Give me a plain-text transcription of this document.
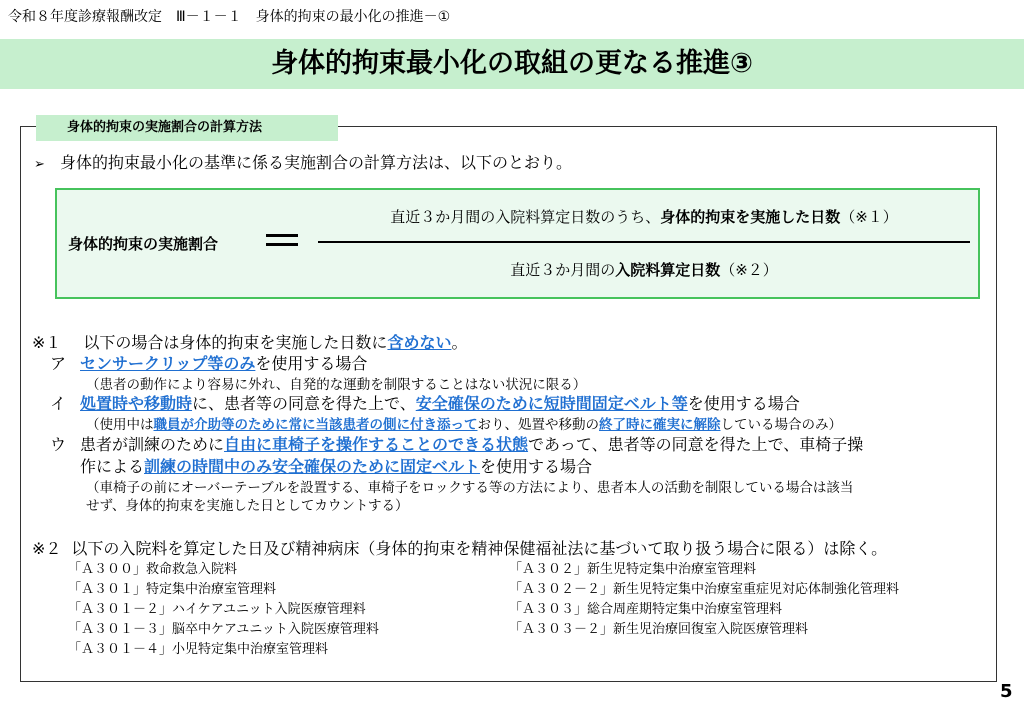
令和８年度診療報酬改定　Ⅲ－１－１　身体的拘束の最小化の推進－①
身体的拘束最小化の取組の更なる推進③
身体的拘束の実施割合の計算方法
➢ 身体的拘束最小化の基準に係る実施割合の計算方法は、以下のとおり。
身体的拘束の実施割合
直近３か月間の入院料算定日数のうち、身体的拘束を実施した日数（※１）
直近３か月間の入院料算定日数（※２）
※１ 以下の場合は身体的拘束を実施した日数に含めない。
ア センサークリップ等のみを使用する場合
（患者の動作により容易に外れ、自発的な運動を制限することはない状況に限る）
イ 処置時や移動時に、患者等の同意を得た上で、安全確保のために短時間固定ベルト等を使用する場合
（使用中は職員が介助等のために常に当該患者の側に付き添っており、処置や移動の終了時に確実に解除している場合のみ）
ウ 患者が訓練のために自由に車椅子を操作することのできる状態であって、患者等の同意を得た上で、車椅子操
作による訓練の時間中のみ安全確保のために固定ベルトを使用する場合
（車椅子の前にオーバーテーブルを設置する、車椅子をロックする等の方法により、患者本人の活動を制限している場合は該当
せず、身体的拘束を実施した日としてカウントする）
※２ 以下の入院料を算定した日及び精神病床（身体的拘束を精神保健福祉法に基づいて取り扱う場合に限る）は除く。
「Ａ３００」救命救急入院料
「Ａ３０１」特定集中治療室管理料
「Ａ３０１－２」ハイケアユニット入院医療管理料
「Ａ３０１－３」脳卒中ケアユニット入院医療管理料
「Ａ３０１－４」小児特定集中治療室管理料
「Ａ３０２」新生児特定集中治療室管理料
「Ａ３０２－２」新生児特定集中治療室重症児対応体制強化管理料
「Ａ３０３」総合周産期特定集中治療室管理料
「Ａ３０３－２」新生児治療回復室入院医療管理料
5
